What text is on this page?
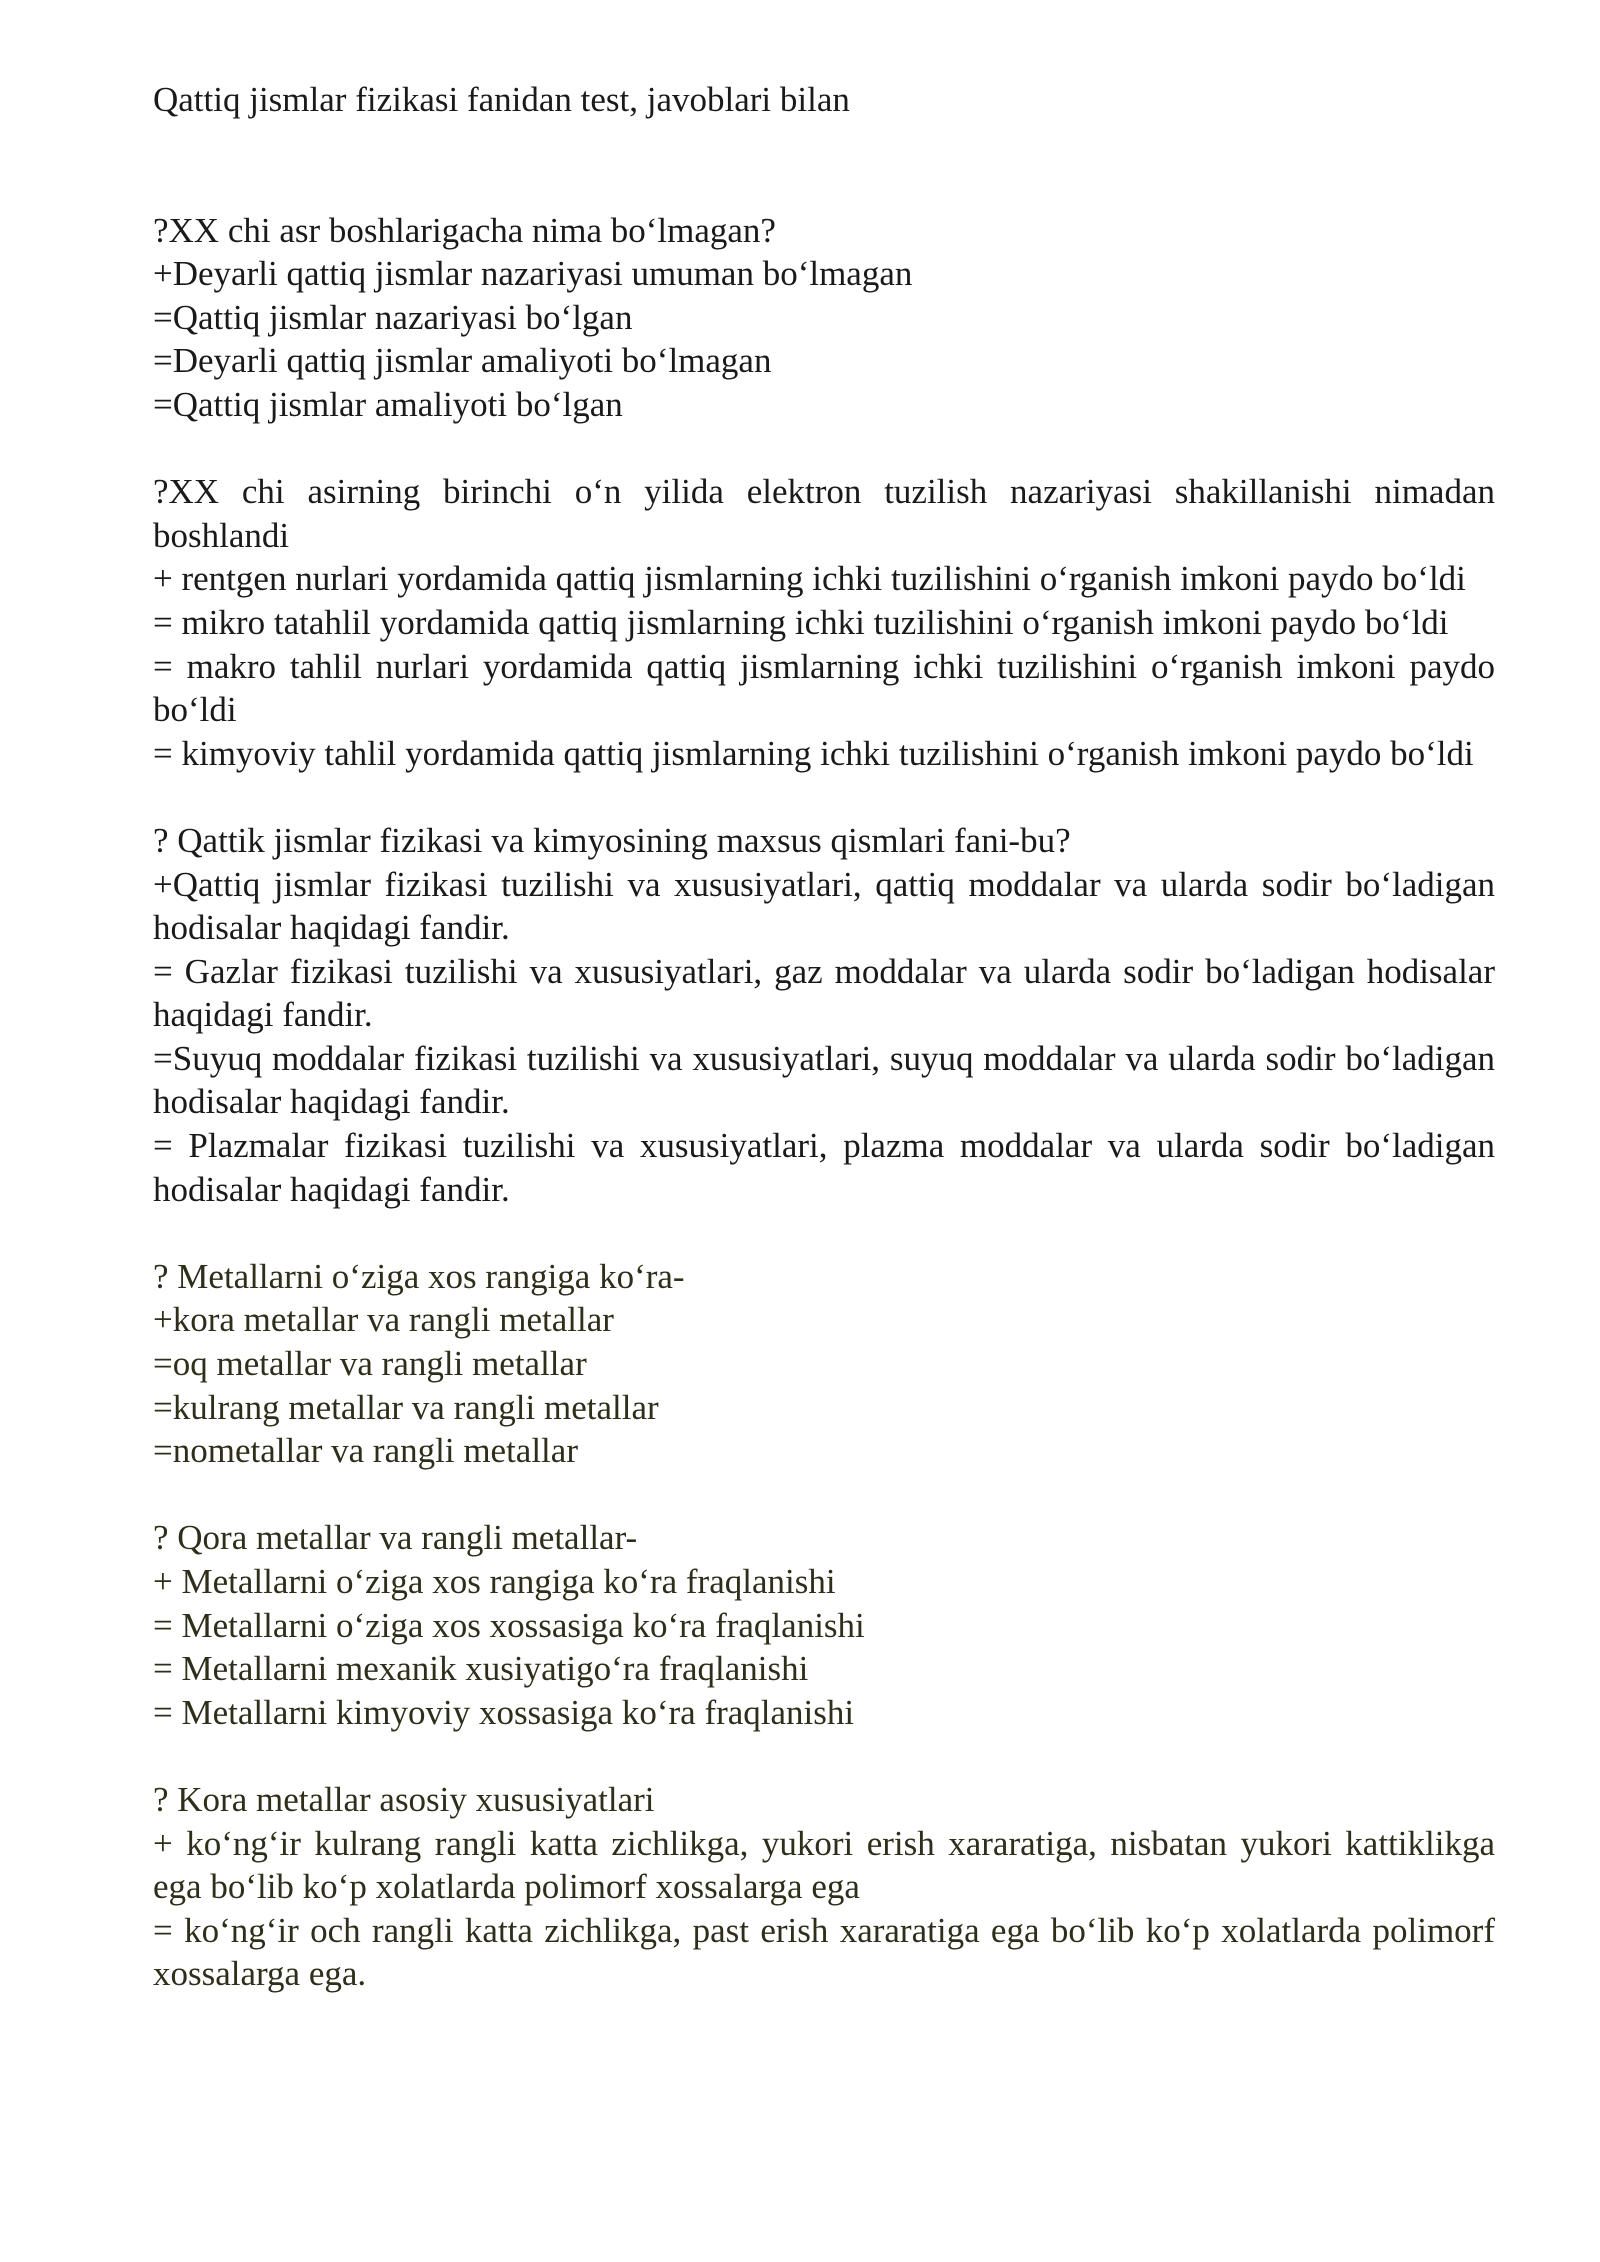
Qattiq jismlar fizikasi fanidan test, javoblari bilan
?XX chi asr boshlarigacha nima bo‘lmagan?
+Deyarli qattiq jismlar nazariyasi umuman bo‘lmagan
=Qattiq jismlar nazariyasi bo‘lgan
=Deyarli qattiq jismlar amaliyoti bo‘lmagan
=Qattiq jismlar amaliyoti bo‘lgan
?XX chi asirning birinchi o‘n yilida elektron tuzilish nazariyasi shakillanishi nimadan boshlandi
+ rentgen nurlari yordamida qattiq jismlarning ichki tuzilishini o‘rganish imkoni paydo bo‘ldi
= mikro tatahlil yordamida qattiq jismlarning ichki tuzilishini o‘rganish imkoni paydo bo‘ldi
= makro tahlil nurlari yordamida qattiq jismlarning ichki tuzilishini o‘rganish imkoni paydo bo‘ldi
= kimyoviy tahlil yordamida qattiq jismlarning ichki tuzilishini o‘rganish imkoni paydo bo‘ldi
? Qattik jismlar fizikasi va kimyosining maxsus qismlari fani-bu?
+Qattiq jismlar fizikasi tuzilishi va xususiyatlari, qattiq moddalar va ularda sodir bo‘ladigan hodisalar haqidagi fandir.
= Gazlar fizikasi tuzilishi va xususiyatlari, gaz moddalar va ularda sodir bo‘ladigan hodisalar haqidagi fandir.
=Suyuq moddalar fizikasi tuzilishi va xususiyatlari, suyuq moddalar va ularda sodir bo‘ladigan hodisalar haqidagi fandir.
= Plazmalar fizikasi tuzilishi va xususiyatlari, plazma moddalar va ularda sodir bo‘ladigan hodisalar haqidagi fandir.
? Metallarni o‘ziga xos rangiga ko‘ra-
+kora metallar va rangli metallar
=oq metallar va rangli metallar
=kulrang metallar va rangli metallar
=nometallar va rangli metallar
? Qora metallar va rangli metallar-
+ Metallarni o‘ziga xos rangiga ko‘ra fraqlanishi
= Metallarni o‘ziga xos xossasiga ko‘ra fraqlanishi
= Metallarni mexanik xusiyatigo‘ra fraqlanishi
= Metallarni kimyoviy xossasiga ko‘ra fraqlanishi
? Kora metallar asosiy xususiyatlari
+ ko‘ng‘ir kulrang rangli katta zichlikga, yukori erish xararatiga, nisbatan yukori kattiklikga ega bo‘lib ko‘p xolatlarda polimorf xossalarga ega
= ko‘ng‘ir och rangli katta zichlikga, past erish xararatiga ega bo‘lib ko‘p xolatlarda polimorf xossalarga ega.
